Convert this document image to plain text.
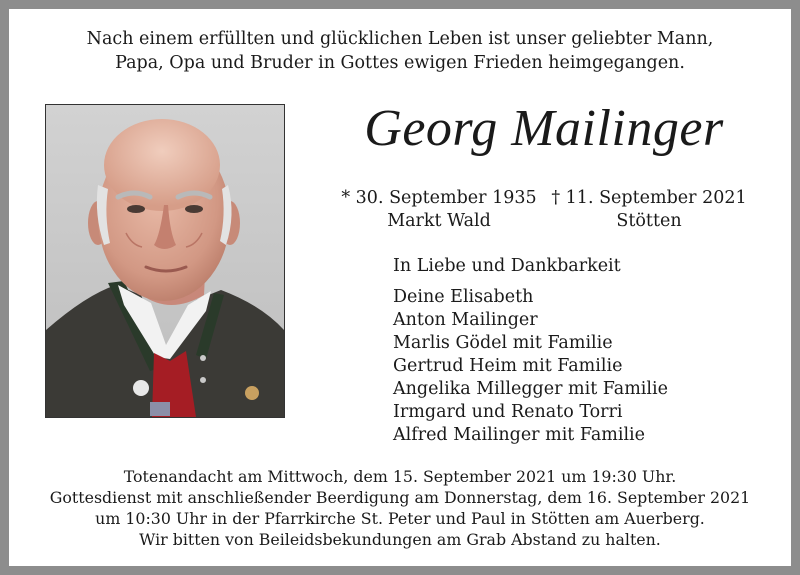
Nach einem erfüllten und glücklichen Leben ist unser geliebter Mann,
Papa, Opa und Bruder in Gottes ewigen Frieden heimgegangen.
Georg Mailinger
* 30. September 1935
Markt Wald
† 11. September 2021
Stötten
In Liebe und Dankbarkeit
Deine Elisabeth
Anton Mailinger
Marlis Gödel mit Familie
Gertrud Heim mit Familie
Angelika Millegger mit Familie
Irmgard und Renato Torri
Alfred Mailinger mit Familie
Totenandacht am Mittwoch, dem 15. September 2021 um 19:30 Uhr.
Gottesdienst mit anschließender Beerdigung am Donnerstag, dem 16. September 2021
um 10:30 Uhr in der Pfarrkirche St. Peter und Paul in Stötten am Auerberg.
Wir bitten von Beileidsbekundungen am Grab Abstand zu halten.
